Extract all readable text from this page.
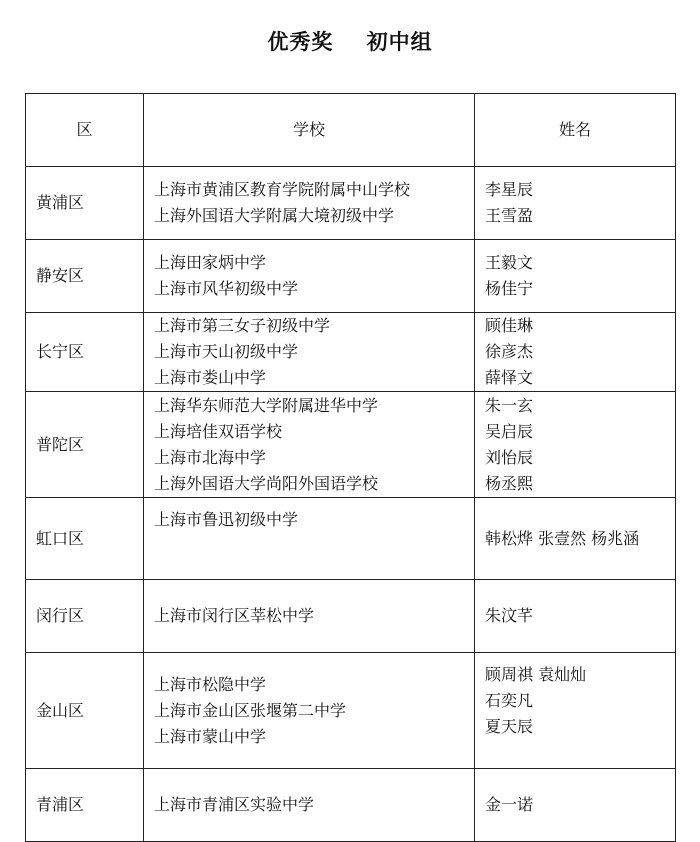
优秀奖    初中组
区	学校	姓名
黄浦区	上海市黄浦区教育学院附属中山学校
上海外国语大学附属大境初级中学	李星辰
王雪盈

静安区	上海田家炳中学
上海市风华初级中学	王毅文
杨佳宁

长宁区	上海市第三女子初级中学
上海市天山初级中学
上海市娄山中学	顾佳琳
徐彦杰
薛怿文

普陀区	上海华东师范大学附属进华中学
上海培佳双语学校
上海市北海中学
上海外国语大学尚阳外国语学校	朱一玄
吴启辰
刘怡辰
杨丞熙

虹口区	上海市鲁迅初级中学	韩松烨 张壹然 杨兆涵

闵行区	上海市闵行区莘松中学	朱汶芊

金山区	上海市松隐中学
上海市金山区张堰第二中学
上海市蒙山中学	顾周祺 袁灿灿
石奕凡
夏天辰

青浦区	上海市青浦区实验中学	金一诺
